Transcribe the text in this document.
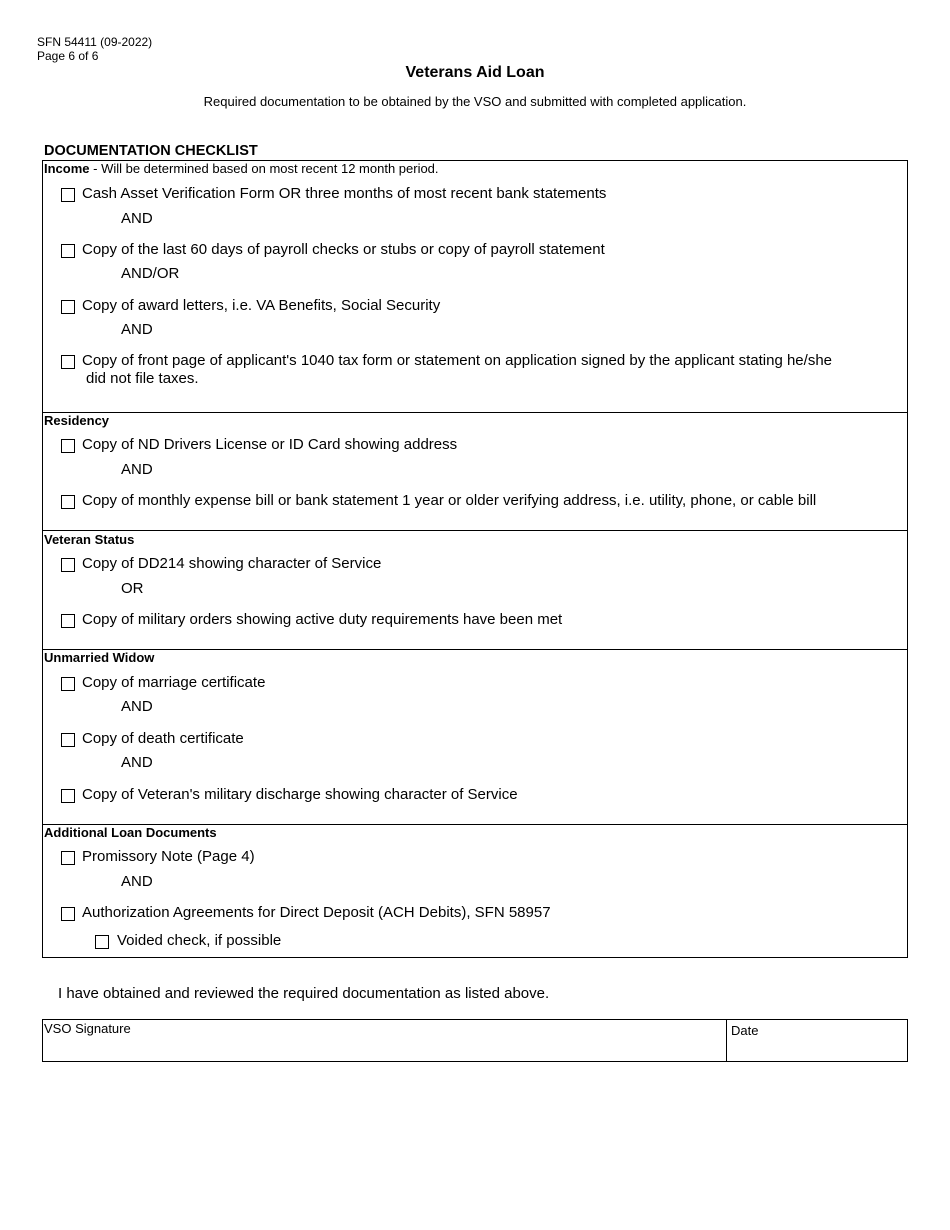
SFN 54411 (09-2022)
Page 6 of 6
Veterans Aid Loan
Required documentation to be obtained by the VSO and submitted with completed application.
DOCUMENTATION CHECKLIST
Income - Will be determined based on most recent 12 month period.
Cash Asset Verification Form OR three months of most recent bank statements
AND
Copy of the last 60 days of payroll checks or stubs or copy of payroll statement
AND/OR
Copy of award letters, i.e. VA Benefits, Social Security
AND
Copy of front page of applicant's 1040 tax form or statement on application signed by the applicant stating he/she
did not file taxes.
Residency
Copy of ND Drivers License or ID Card showing address
AND
Copy of monthly expense bill or bank statement 1 year or older verifying address, i.e. utility, phone, or cable bill
Veteran Status
Copy of DD214 showing character of Service
OR
Copy of military orders showing active duty requirements have been met
Unmarried Widow
Copy of marriage certificate
AND
Copy of death certificate
AND
Copy of Veteran's military discharge showing character of Service
Additional Loan Documents
Promissory Note (Page 4)
AND
Authorization Agreements for Direct Deposit (ACH Debits), SFN 58957
Voided check, if possible
I have obtained and reviewed the required documentation as listed above.
VSO Signature	Date
